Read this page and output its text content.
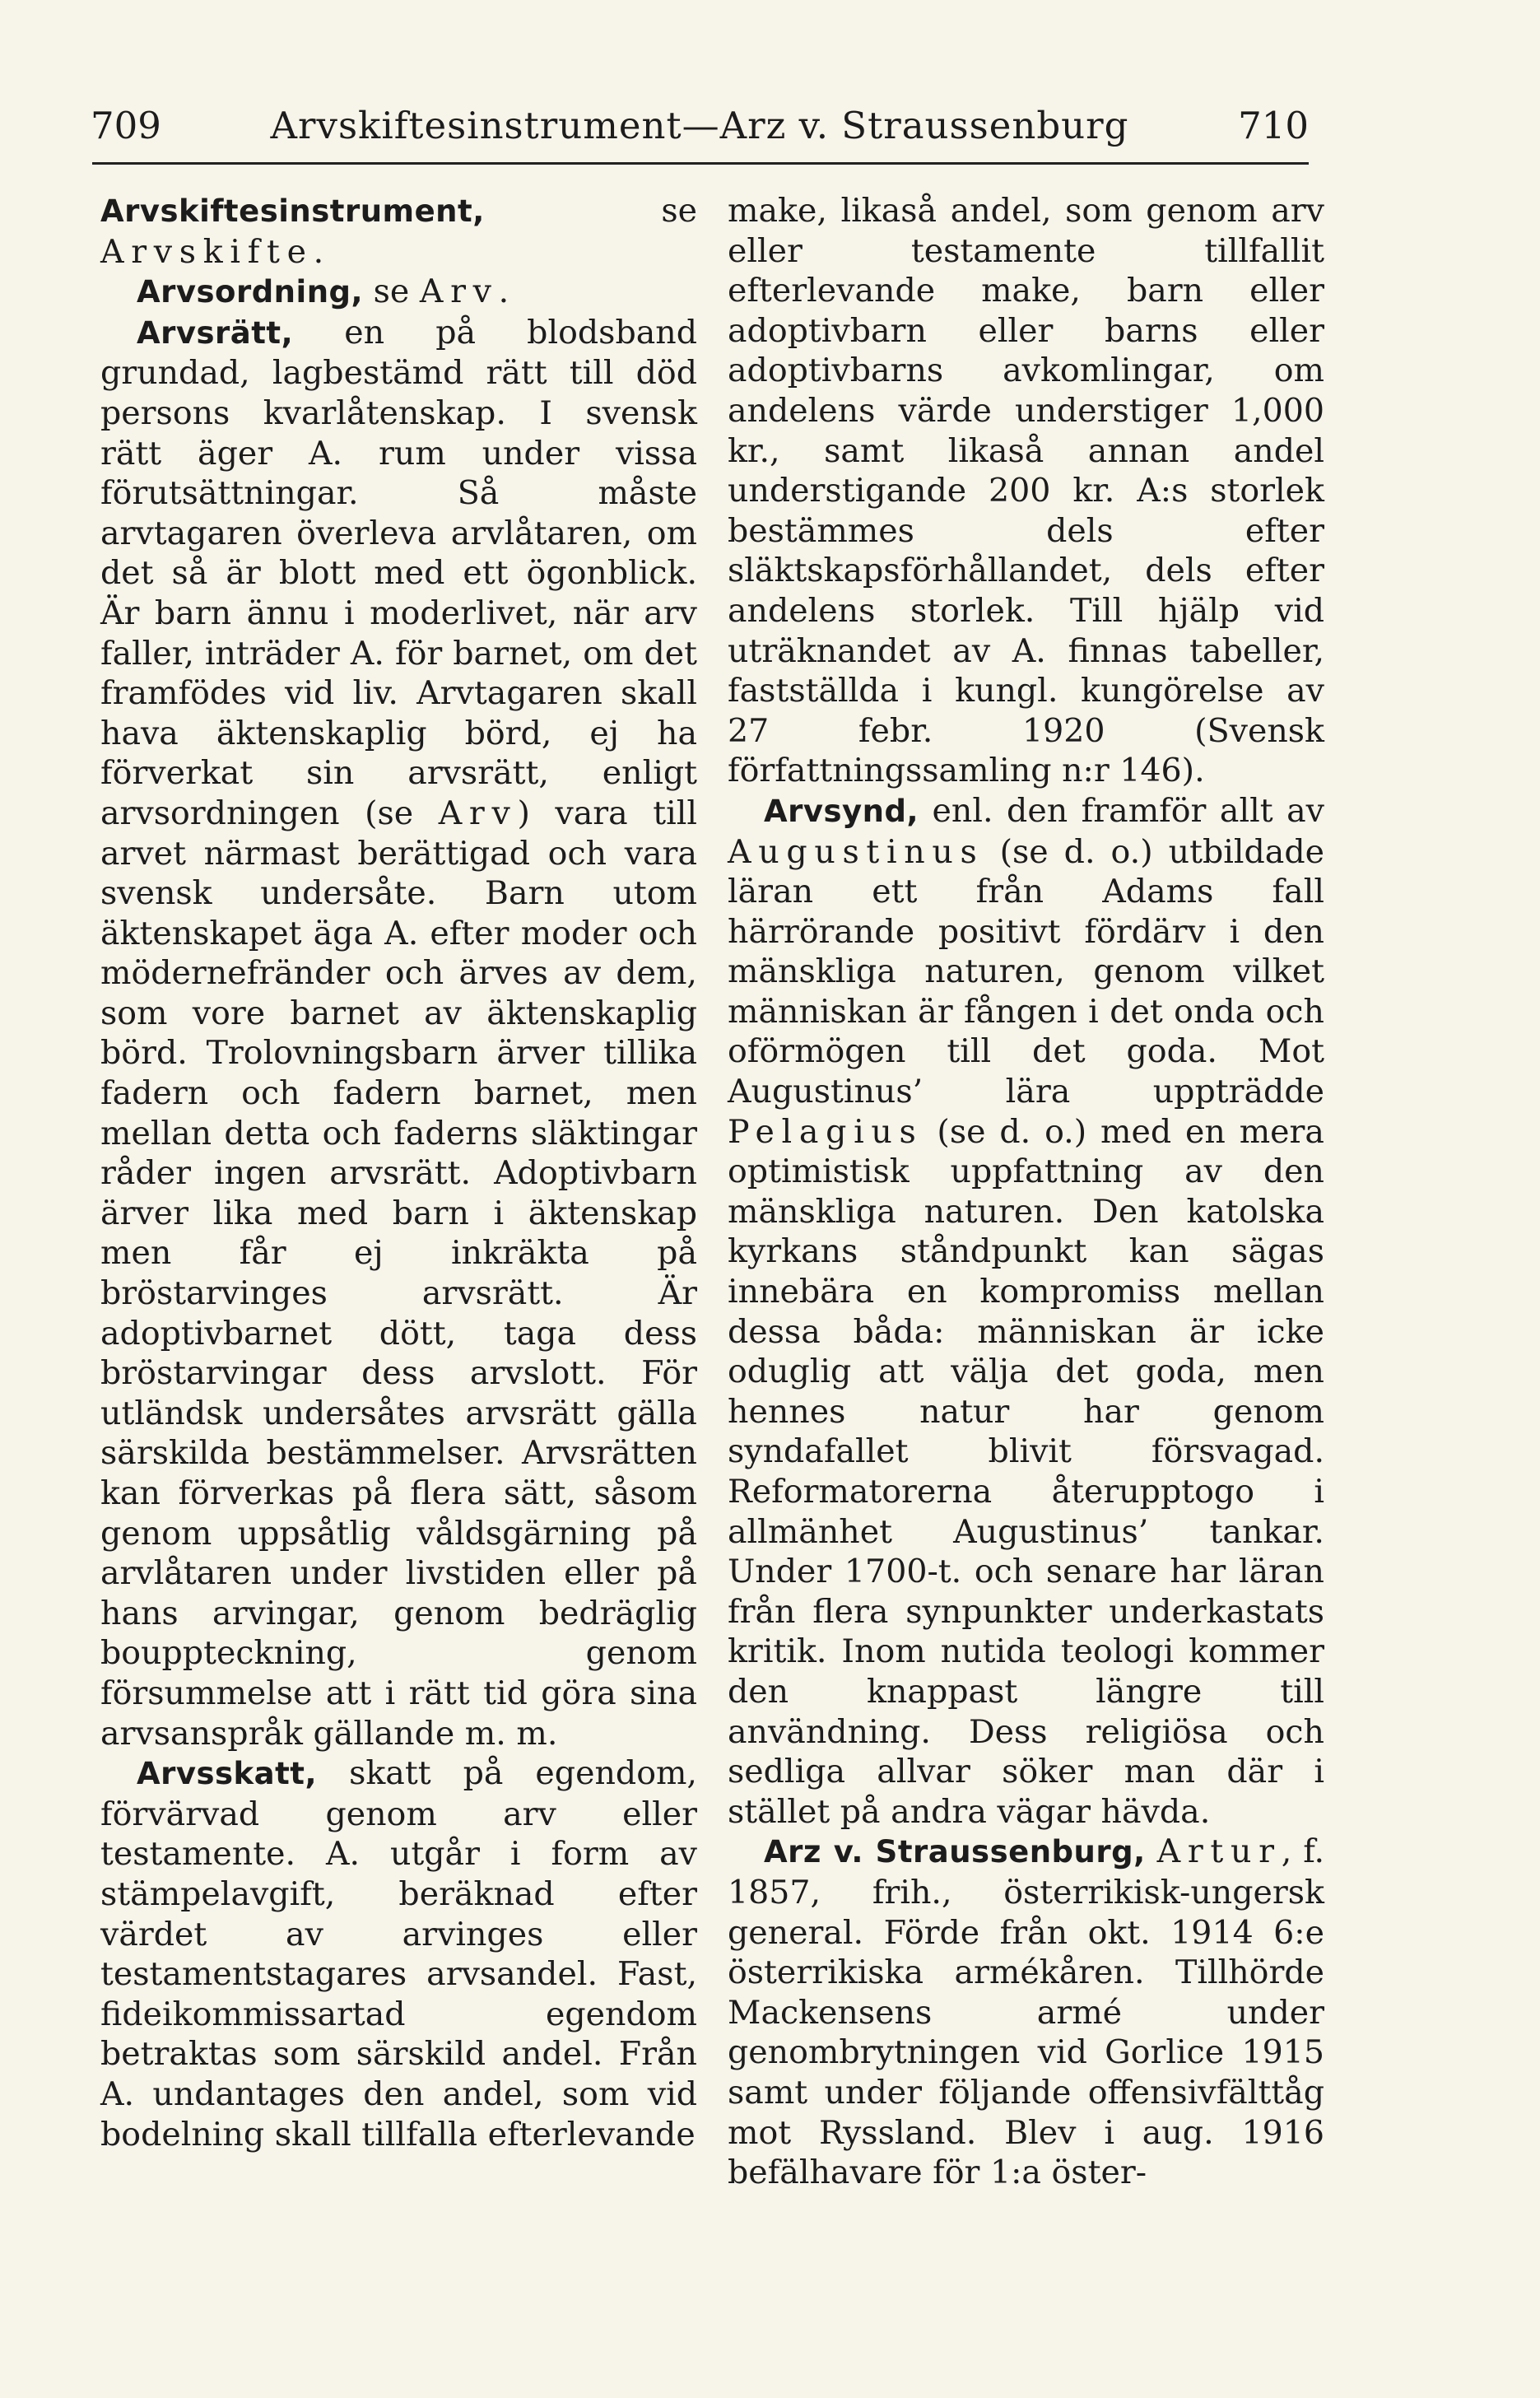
709	Arvskiftesinstrument—Arz v. Straussenburg	710

Arvskiftesinstrument,	se Arvskifte.

Arvsordning, se Arv.

Arvsrätt, en på blodsband grundad, lagbestämd rätt till död persons kvarlåtenskap. I svensk rätt äger A. rum under vissa förutsättningar. Så måste arvtagaren överleva arvlåtaren, om det så är blott med ett ögonblick. Är barn ännu i moderlivet, när arv faller, inträder A. för barnet, om det framfödes vid liv. Arvtagaren skall hava äktenskaplig börd, ej ha förverkat sin arvsrätt, enligt arvsordningen (se Arv) vara till arvet närmast berättigad och vara svensk undersåte. Barn utom äktenskapet äga A. efter moder och mödernefränder och ärves av dem, som vore barnet av äktenskaplig börd. Trolovningsbarn ärver tillika fadern och fadern barnet, men mellan detta och faderns släktingar råder ingen arvsrätt. Adoptivbarn ärver lika med barn i äktenskap men får ej inkräkta på bröstarvinges arvsrätt. Är adoptivbarnet dött, taga dess bröstarvingar dess arvslott. För utländsk undersåtes arvsrätt gälla särskilda bestämmelser. Arvsrätten kan förverkas på flera sätt, såsom genom uppsåtlig våldsgärning på arvlåtaren under livstiden eller på hans arvingar, genom bedräglig bouppteckning, genom försummelse att i rätt tid göra sina arvsanspråk gällande m. m.

Arvsskatt, skatt på egendom, förvärvad genom arv eller testamente. A. utgår i form av stämpelavgift, beräknad efter värdet av arvinges eller testamentstagares arvsandel. Fast, fideikommissartad egendom betraktas som särskild andel. Från A. undantages den andel, som vid bodelning skall tillfalla efterlevande

make, likaså andel, som genom arv eller testamente tillfallit efterlevande make, barn eller adoptivbarn eller barns eller adoptivbarns avkomlingar, om andelens värde understiger 1,000 kr., samt likaså annan andel understigande 200 kr. A:s storlek bestämmes dels efter släktskapsförhållandet, dels efter andelens storlek. Till hjälp vid uträknandet av A. finnas tabeller, fastställda i kungl. kungörelse av 27 febr. 1920 (Svensk författningssamling n:r 146).

Arvsynd, enl. den framför allt av Augustinus (se d. o.) utbildade läran ett från Adams fall härrörande positivt fördärv i den mänskliga naturen, genom vilket människan är fången i det onda och oförmögen till det goda. Mot Augustinus’ lära uppträdde Pelagius (se d. o.) med en mera optimistisk uppfattning av den mänskliga naturen. Den katolska kyrkans ståndpunkt kan sägas innebära en kompromiss mellan dessa båda: människan är icke oduglig att välja det goda, men hennes natur har genom syndafallet blivit försvagad. Reformatorerna återupptogo i allmänhet Augustinus’ tankar. Under 1700-t. och senare har läran från flera synpunkter underkastats kritik. Inom nutida teologi kommer den knappast längre till användning. Dess religiösa och sedliga allvar söker man där i stället på andra vägar hävda.

Arz v. Straussenburg, Artur, f. 1857, frih., österrikisk-ungersk general. Förde från okt. 1914 6:e österrikiska armékåren. Tillhörde Mackensens armé under genombrytningen vid Gorlice 1915 samt under följande offensivfälttåg mot Ryssland. Blev i aug. 1916 befälhavare för 1:a öster-
